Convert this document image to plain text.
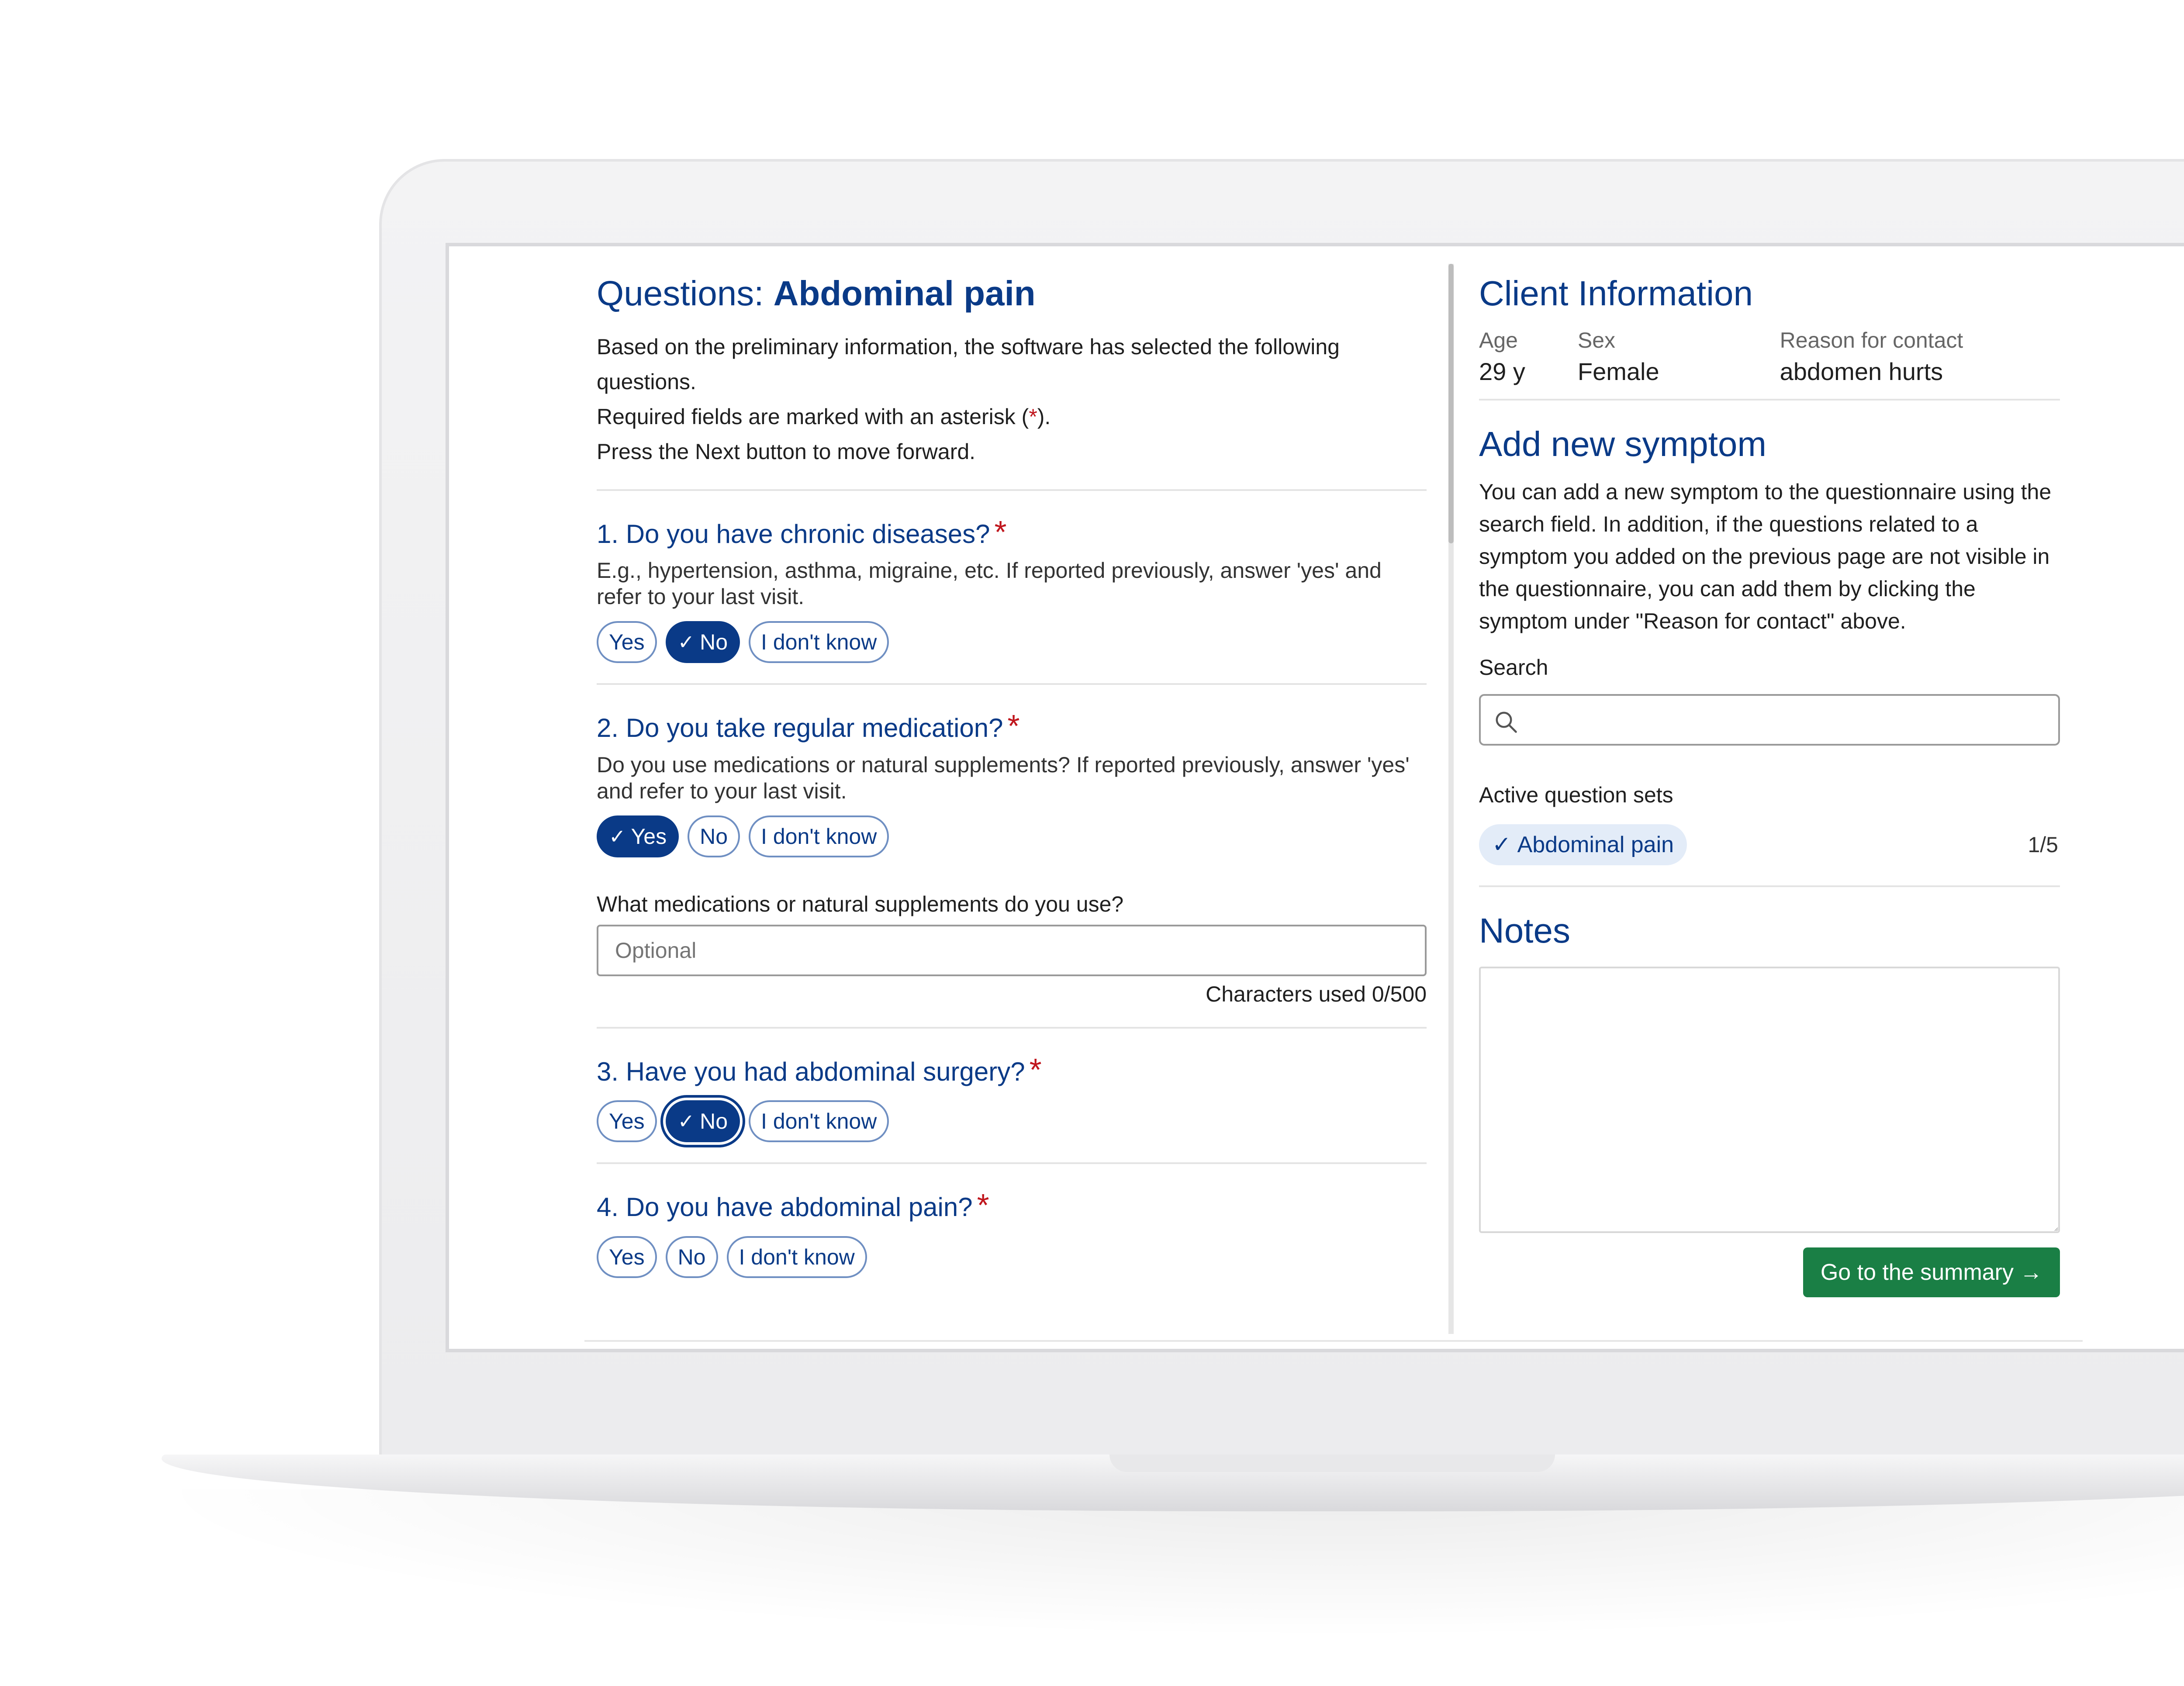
Questions: Abdominal pain
Based on the preliminary information, the software has selected the following
questions.
Required fields are marked with an asterisk (*).
Press the Next button to move forward.
1. Do you have chronic diseases? *
E.g., hypertension, asthma, migraine, etc. If reported previously, answer 'yes' and refer to your last visit.
Yes ✓ No I don't know
2. Do you take regular medication? *
Do you use medications or natural supplements? If reported previously, answer 'yes' and refer to your last visit.
✓ Yes No I don't know
What medications or natural supplements do you use?
Optional
Characters used 0/500
3. Have you had abdominal surgery? *
Yes ✓ No I don't know
4. Do you have abdominal pain? *
Yes No I don't know
Client Information
Age
29 y
Sex
Female
Reason for contact
abdomen hurts
Add new symptom
You can add a new symptom to the questionnaire using the search field. In addition, if the questions related to a symptom you added on the previous page are not visible in the questionnaire, you can add them by clicking the symptom under "Reason for contact" above.
Search
Active question sets
✓ Abdominal pain	1/5
Notes
Go to the summary →
